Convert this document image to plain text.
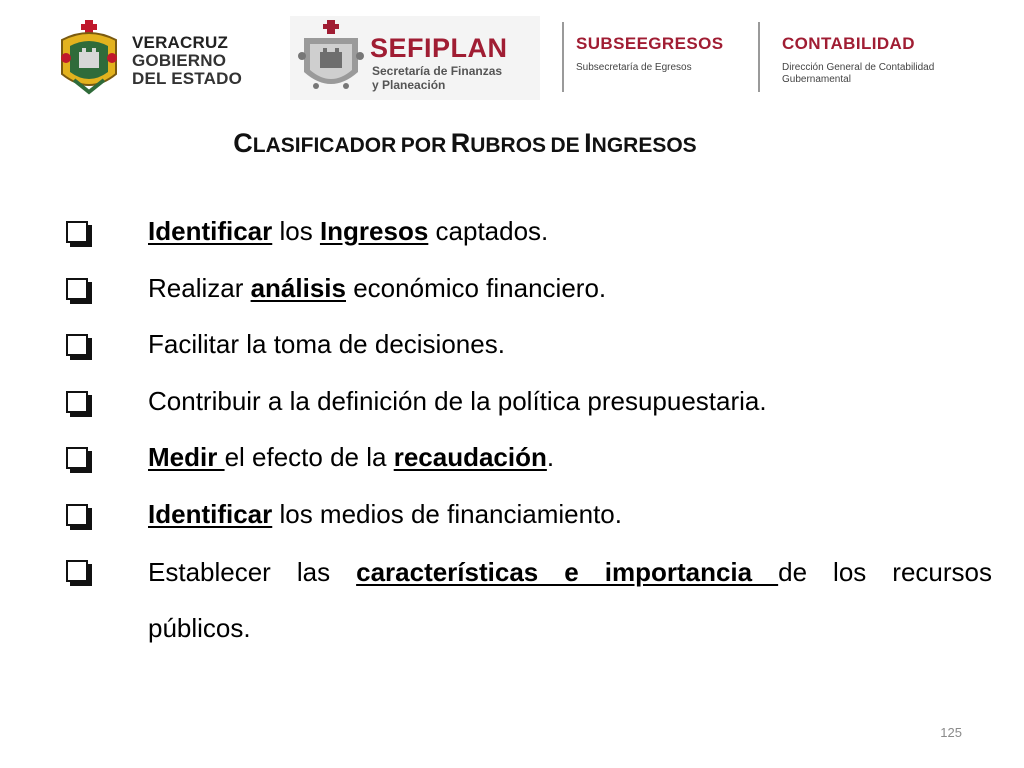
VERACRUZ
GOBIERNO
DEL ESTADO
SEFIPLAN
Secretaría de Finanzas
y Planeación
SUBSEEGRESOS
Subsecretaría de Egresos
CONTABILIDAD
Dirección General de Contabilidad
Gubernamental
CLASIFICADOR POR RUBROS DE INGRESOS
Identificar los Ingresos captados.
Realizar análisis económico financiero.
Facilitar la toma de decisiones.
Contribuir a la definición de la política presupuestaria.
Medir el efecto de la recaudación.
Identificar los medios de financiamiento.
Establecer las características e importancia de los recursos
públicos.
125
